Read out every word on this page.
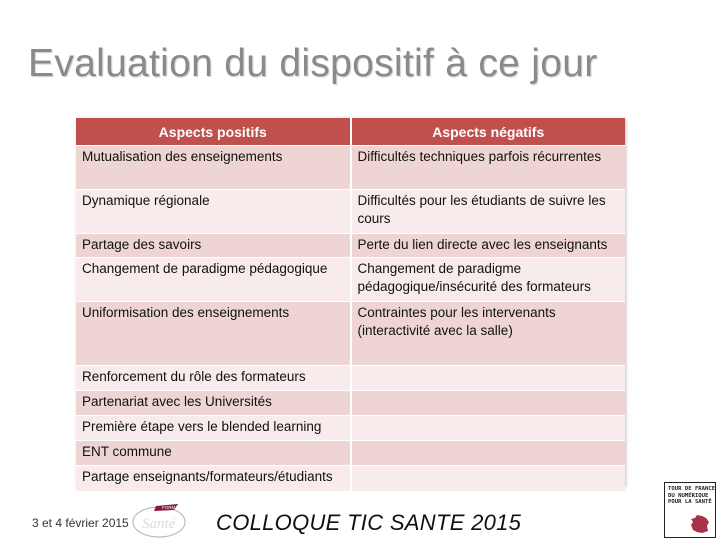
Evaluation du dispositif à ce jour
Aspects positifs	Aspects négatifs
Mutualisation des enseignements	Difficultés techniques parfois récurrentes
Dynamique régionale	Difficultés pour les étudiants de suivre les cours
Partage des savoirs	Perte du lien directe avec les enseignants
Changement de paradigme pédagogique	Changement de paradigme pédagogique/insécurité des formateurs
Uniformisation des enseignements	Contraintes pour les intervenants (interactivité avec la salle)
Renforcement du rôle des formateurs	
Partenariat avec les Universités	
Première étape vers le blended learning	
ENT commune	
Partage enseignants/formateurs/étudiants	
3 et 4 février 2015
FORMATION
Santé COLLOQUE TIC SANTE 2015
TOUR DE FRANCE
DU NUMÉRIQUE
POUR LA SANTÉ
